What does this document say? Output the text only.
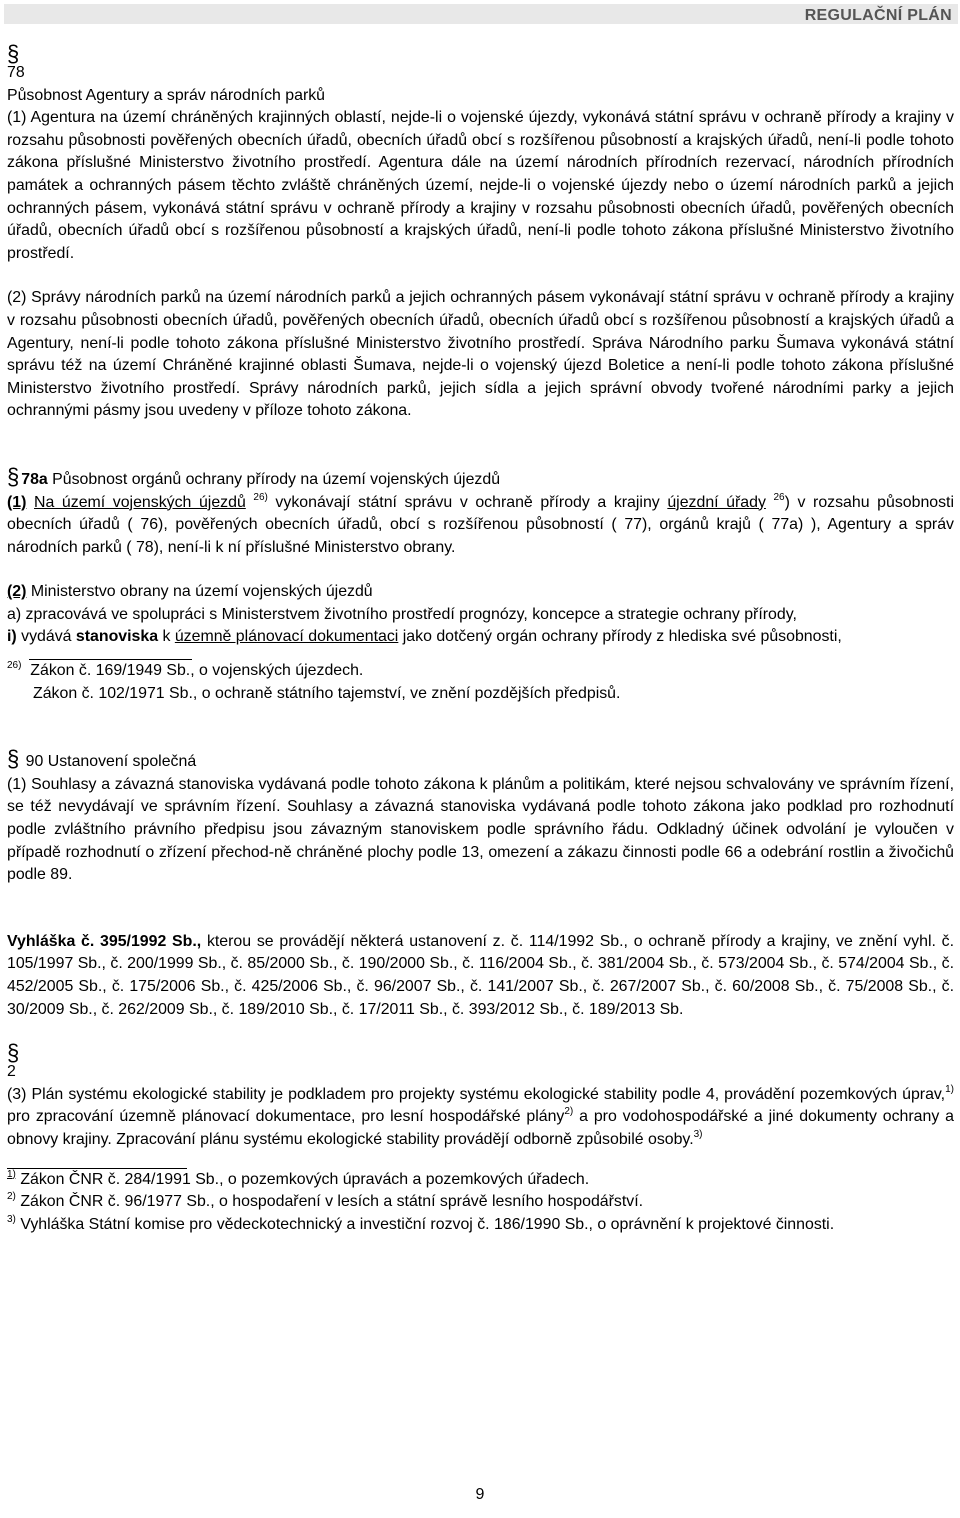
REGULAČNÍ PLÁN
§
78
Působnost Agentury a správ národních parků

(1) Agentura na území chráněných krajinných oblastí, nejde-li o vojenské újezdy, vykonává státní správu v ochraně přírody a krajiny v rozsahu působnosti pověřených obecních úřadů, obecních úřadů obcí s rozšířenou působností a krajských úřadů, není-li podle tohoto zákona příslušné Ministerstvo životního prostředí. Agentura dále na území národních přírodních rezervací, národních přírodních památek a ochranných pásem těchto zvláště chráněných území, nejde-li o vojenské újezdy nebo o území národních parků a jejich ochranných pásem, vykonává státní správu v ochraně přírody a krajiny v rozsahu působnosti obecních úřadů, pověřených obecních úřadů, obecních úřadů obcí s rozšířenou působností a krajských úřadů, není-li podle tohoto zákona příslušné Ministerstvo životního prostředí.

(2) Správy národních parků na území národních parků a jejich ochranných pásem vykonávají státní správu v ochraně přírody a krajiny v rozsahu působnosti obecních úřadů, pověřených obecních úřadů, obecních úřadů obcí s rozšířenou působností a krajských úřadů a Agentury, není-li podle tohoto zákona příslušné Ministerstvo životního prostředí. Správa Národního parku Šumava vykonává státní správu též na území Chráněné krajinné oblasti Šumava, nejde-li o vojenský újezd Boletice a není-li podle tohoto zákona příslušné Ministerstvo životního prostředí. Správy národních parků, jejich sídla a jejich správní obvody tvořené národními parky a jejich ochrannými pásmy jsou uvedeny v příloze tohoto zákona.

§ 78a Působnost orgánů ochrany přírody na území vojenských újezdů

(1) Na území vojenských újezdů $^{26)}$ vykonávají státní správu v ochraně přírody a krajiny újezdní úřady $^{26}$) v rozsahu působnosti obecních úřadů ( 76), pověřených obecních úřadů, obcí s rozšířenou působností ( 77), orgánů krajů ( 77a) ), Agentury a správ národních parků ( 78), není-li k ní příslušné Ministerstvo obrany.

(2) Ministerstvo obrany na území vojenských újezdů

a) zpracovává ve spolupráci s Ministerstvem životního prostředí prognózy, koncepce a strategie ochrany přírody,

i) vydává stanoviska k územně plánovací dokumentaci jako dotčený orgán ochrany přírody z hlediska své působnosti,

$^{26)}$ Zákon č. 169/1949 Sb., o vojenských újezdech.

Zákon č. 102/1971 Sb., o ochraně státního tajemství, ve znění pozdějších předpisů.

§ 90 Ustanovení společná

(1) Souhlasy a závazná stanoviska vydávaná podle tohoto zákona k plánům a politikám, které nejsou schvalovány ve správním řízení, se též nevydávají ve správním řízení. Souhlasy a závazná stanoviska vydávaná podle tohoto zákona jako podklad pro rozhodnutí podle zvláštního právního předpisu jsou závazným stanoviskem podle správního řádu. Odkladný účinek odvolání je vyloučen v případě rozhodnutí o zřízení přechod-ně chráněné plochy podle 13, omezení a zákazu činnosti podle 66 a odebrání rostlin a živočichů podle 89.

Vyhláška č. 395/1992 Sb., kterou se provádějí některá ustanovení z. č. 114/1992 Sb., o ochraně přírody a krajiny, ve znění vyhl. č. 105/1997 Sb., č. 200/1999 Sb., č. 85/2000 Sb., č. 190/2000 Sb., č. 116/2004 Sb., č. 381/2004 Sb., č. 573/2004 Sb., č. 574/2004 Sb., č. 452/2005 Sb., č. 175/2006 Sb., č. 425/2006 Sb., č. 96/2007 Sb., č. 141/2007 Sb., č. 267/2007 Sb., č. 60/2008 Sb., č. 75/2008 Sb., č. 30/2009 Sb., č. 262/2009 Sb., č. 189/2010 Sb., č. 17/2011 Sb., č. 393/2012 Sb., č. 189/2013 Sb.

§
2

(3) Plán systému ekologické stability je podkladem pro projekty systému ekologické stability podle 4, provádění pozemkových úprav,$^{1)}$ pro zpracování územně plánovací dokumentace, pro lesní hospodářské plány$^{2)}$ a pro vodohospodářské a jiné dokumenty ochrany a obnovy krajiny. Zpracování plánu systému ekologické stability provádějí odborně způsobilé osoby.$^{3)}$

$^{1)}$ Zákon ČNR č. 284/1991 Sb., o pozemkových úpravách a pozemkových úřadech.

$^{2)}$ Zákon ČNR č. 96/1977 Sb., o hospodaření v lesích a státní správě lesního hospodářství.

$^{3)}$ Vyhláška Státní komise pro vědeckotechnický a investiční rozvoj č. 186/1990 Sb., o oprávnění k projektové činnosti.

9
